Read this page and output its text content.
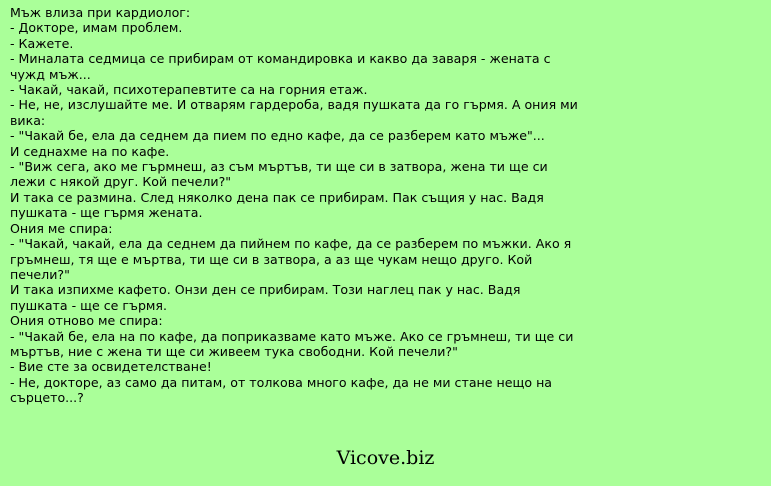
Мъж влиза при кардиолог:
- Докторе, имам проблем.
- Кажете.
- Миналата седмица се прибирам от командировка и какво да заваря - жената с чужд мъж...
- Чакай, чакай, психотерапевтите са на горния етаж.
- Не, не, изслушайте ме. И отварям гардероба, вадя пушката да го гърмя. А ония ми вика:
- "Чакай бе, ела да седнем да пием по едно кафе, да се разберем като мъже"...
И седнахме на по кафе.
- "Виж сега, ако ме гърмнеш, аз съм мъртъв, ти ще си в затвора, жена ти ще си лежи с някой друг. Кой печели?"
И така се размина. След няколко дена пак се прибирам. Пак същия у нас. Вадя пушката - ще гърмя жената.
Ония ме спира:
- "Чакай, чакай, ела да седнем да пийнем по кафе, да се разберем по мъжки. Ако я гръмнеш, тя ще е мъртва, ти ще си в затвора, а аз ще чукам нещо друго. Кой печели?"
И така изпихме кафето. Онзи ден се прибирам. Този наглец пак у нас. Вадя пушката - ще се гърмя.
Ония отново ме спира:
- "Чакай бе, ела на по кафе, да поприказваме като мъже. Ако се гръмнеш, ти ще си мъртъв, ние с жена ти ще си живеем тука свободни. Кой печели?"
- Вие сте за освидетелстване!
- Не, докторе, аз само да питам, от толкова много кафе, да не ми стане нещо на сърцето...?
Vicove.biz
